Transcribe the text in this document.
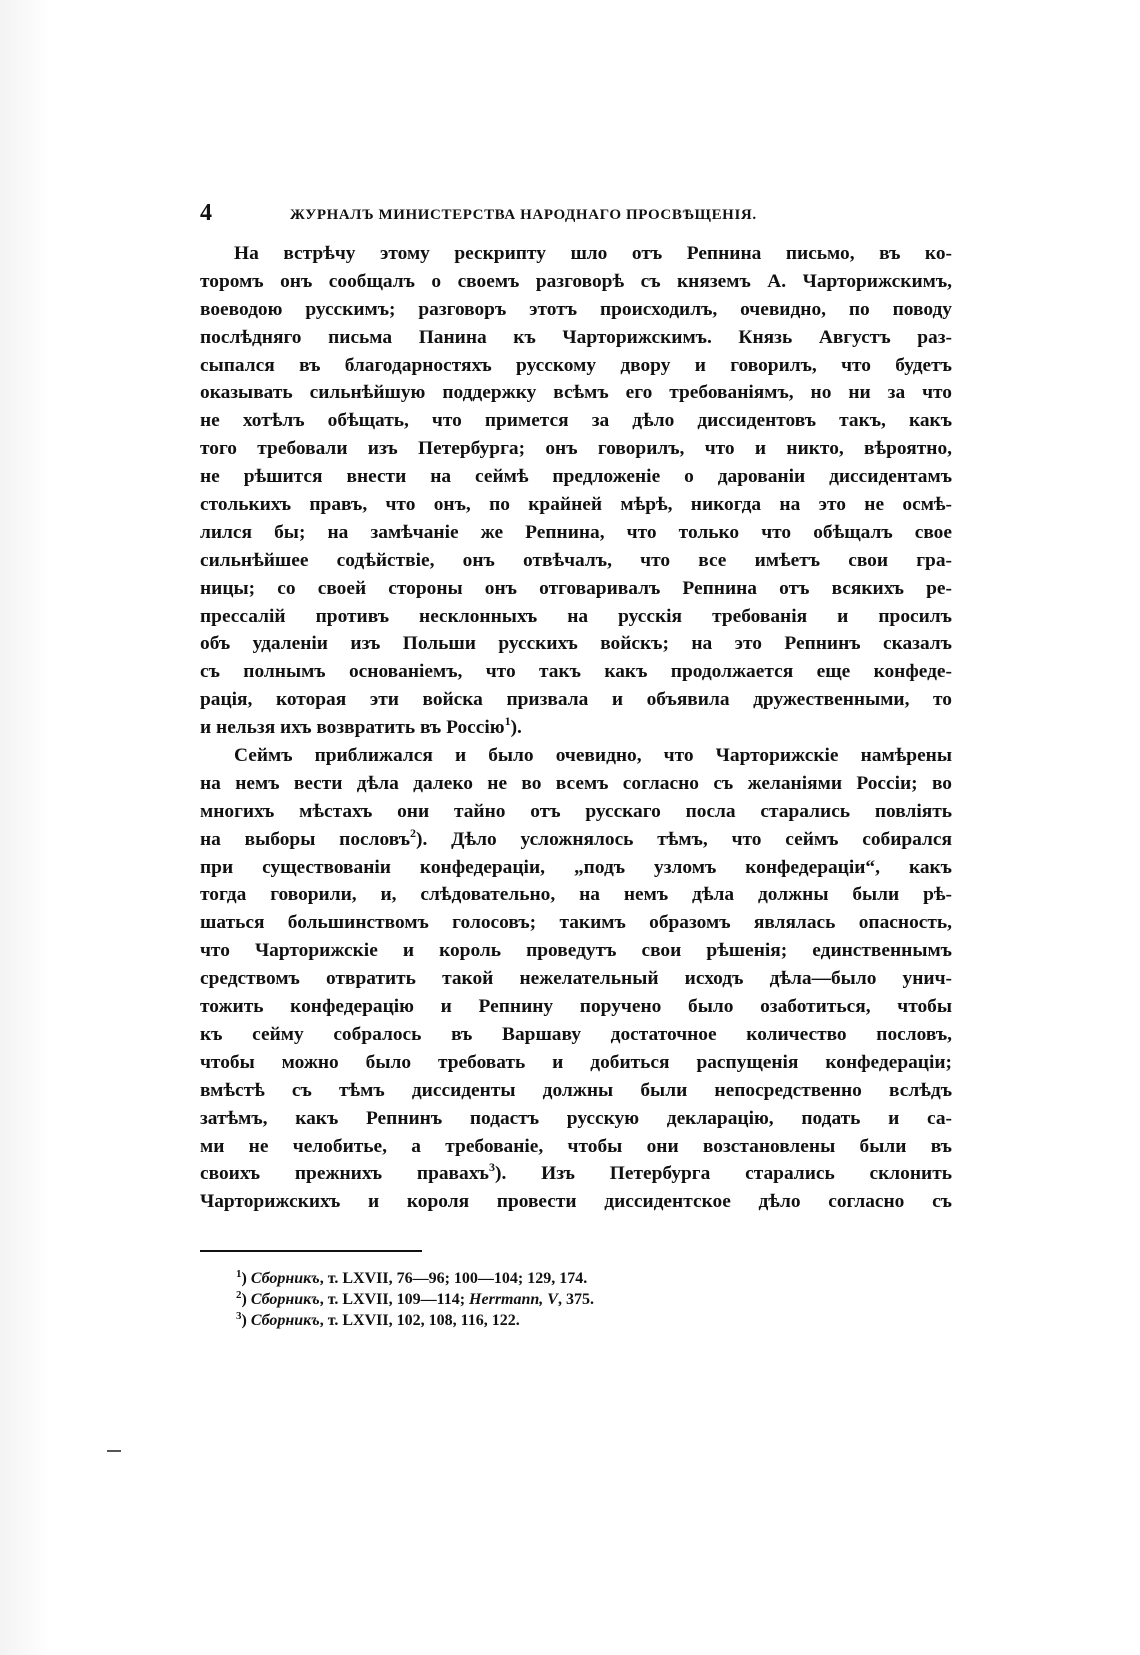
4	ЖУРНАЛЪ МИНИСТЕРСТВА НАРОДНАГО ПРОСВѢЩЕНІЯ.

На встрѣчу этому рескрипту шло отъ Репнина письмо, въ ко-
торомъ онъ сообщалъ о своемъ разговорѣ съ княземъ А. Чарторижскимъ,
воеводою русскимъ; разговоръ этотъ происходилъ, очевидно, по поводу
послѣдняго письма Панина къ Чарторижскимъ. Князь Августъ раз-
сыпался въ благодарностяхъ русскому двору и говорилъ, что будетъ
оказывать сильнѣйшую поддержку всѣмъ его требованіямъ, но ни за что
не хотѣлъ обѣщать, что примется за дѣло диссидентовъ такъ, какъ
того требовали изъ Петербурга; онъ говорилъ, что и никто, вѣроятно,
не рѣшится внести на сеймѣ предложеніе о дарованіи диссидентамъ
столькихъ правъ, что онъ, по крайней мѣрѣ, никогда на это не осмѣ-
лился бы; на замѣчаніе же Репнина, что только что обѣщалъ свое
сильнѣйшее содѣйствіе, онъ отвѣчалъ, что все имѣетъ свои гра-
ницы; со своей стороны онъ отговаривалъ Репнина отъ всякихъ ре-
прессалій противъ несклонныхъ на русскія требованія и просилъ
объ удаленіи изъ Польши русскихъ войскъ; на это Репнинъ сказалъ
съ полнымъ основаніемъ, что такъ какъ продолжается еще конфеде-
рація, которая эти войска призвала и объявила дружественными, то
и нельзя ихъ возвратить въ Россію$^1$).

Сеймъ приближался и было очевидно, что Чарторижскіе намѣрены
на немъ вести дѣла далеко не во всемъ согласно съ желаніями Россіи; во
многихъ мѣстахъ они тайно отъ русскаго посла старались повліять
на выборы пословъ$^2$). Дѣло усложнялось тѣмъ, что сеймъ собирался
при существованіи конфедераціи, „подъ узломъ конфедераціи“, какъ
тогда говорили, и, слѣдовательно, на немъ дѣла должны были рѣ-
шаться большинствомъ голосовъ; такимъ образомъ являлась опасность,
что Чарторижскіе и король проведутъ свои рѣшенія; единственнымъ
средствомъ отвратить такой нежелательный исходъ дѣла—было унич-
тожить конфедерацію и Репнину поручено было озаботиться, чтобы
къ сейму собралось въ Варшаву достаточное количество пословъ,
чтобы можно было требовать и добиться распущенія конфедераціи;
вмѣстѣ съ тѣмъ диссиденты должны были непосредственно вслѣдъ
затѣмъ, какъ Репнинъ подастъ русскую декларацію, подать и са-
ми не челобитье, а требованіе, чтобы они возстановлены были въ
своихъ прежнихъ правахъ$^3$). Изъ Петербурга старались склонить
Чарторижскихъ и короля провести диссидентское дѣло согласно съ

$^1$) Сборникъ, т. LXVII, 76—96; 100—104; 129, 174.
$^2$) Сборникъ, т. LXVII, 109—114; Herrmann, V, 375.
$^3$) Сборникъ, т. LXVII, 102, 108, 116, 122.
